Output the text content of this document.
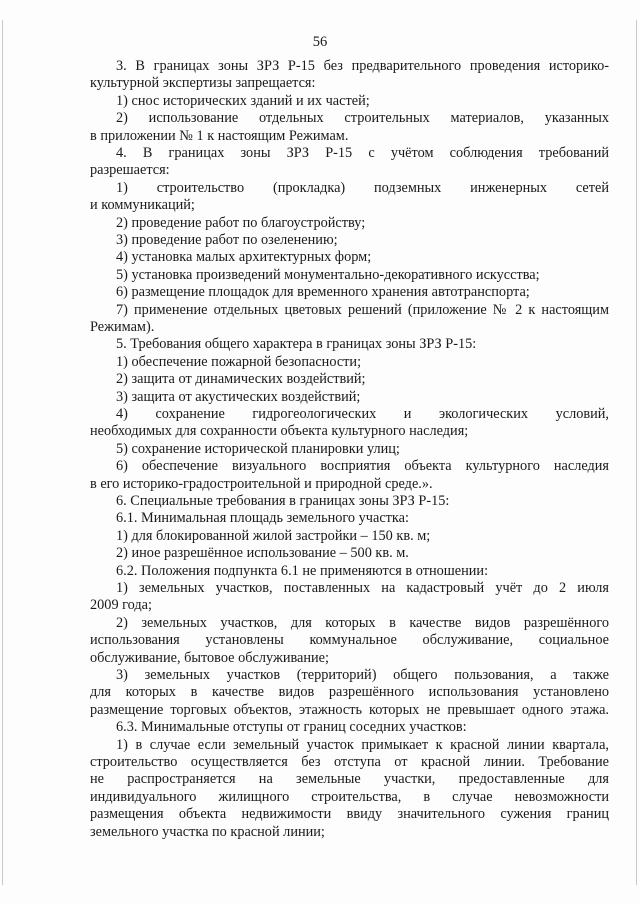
56
3. В границах зоны ЗРЗ Р-15 без предварительного проведения историко-
культурной экспертизы запрещается:
1) снос исторических зданий и их частей;
2) использование отдельных строительных материалов, указанных
в приложении № 1 к настоящим Режимам.
4. В границах зоны ЗРЗ Р-15 с учётом соблюдения требований
разрешается:
1) строительство (прокладка) подземных инженерных сетей
и коммуникаций;
2) проведение работ по благоустройству;
3) проведение работ по озеленению;
4) установка малых архитектурных форм;
5) установка произведений монументально-декоративного искусства;
6) размещение площадок для временного хранения автотранспорта;
7) применение отдельных цветовых решений (приложение № 2 к настоящим
Режимам).
5. Требования общего характера в границах зоны ЗРЗ Р-15:
1) обеспечение пожарной безопасности;
2) защита от динамических воздействий;
3) защита от акустических воздействий;
4) сохранение гидрогеологических и экологических условий,
необходимых для сохранности объекта культурного наследия;
5) сохранение исторической планировки улиц;
6) обеспечение визуального восприятия объекта культурного наследия
в его историко-градостроительной и природной среде.».
6. Специальные требования в границах зоны ЗРЗ Р-15:
6.1. Минимальная площадь земельного участка:
1) для блокированной жилой застройки – 150 кв. м;
2) иное разрешённое использование – 500 кв. м.
6.2. Положения подпункта 6.1 не применяются в отношении:
1) земельных участков, поставленных на кадастровый учёт до 2 июля
2009 года;
2) земельных участков, для которых в качестве видов разрешённого
использования установлены коммунальное обслуживание, социальное
обслуживание, бытовое обслуживание;
3) земельных участков (территорий) общего пользования, а также
для которых в качестве видов разрешённого использования установлено
размещение торговых объектов, этажность которых не превышает одного этажа.
6.3. Минимальные отступы от границ соседних участков:
1) в случае если земельный участок примыкает к красной линии квартала,
строительство осуществляется без отступа от красной линии. Требование
не распространяется на земельные участки, предоставленные для
индивидуального жилищного строительства, в случае невозможности
размещения объекта недвижимости ввиду значительного сужения границ
земельного участка по красной линии;
